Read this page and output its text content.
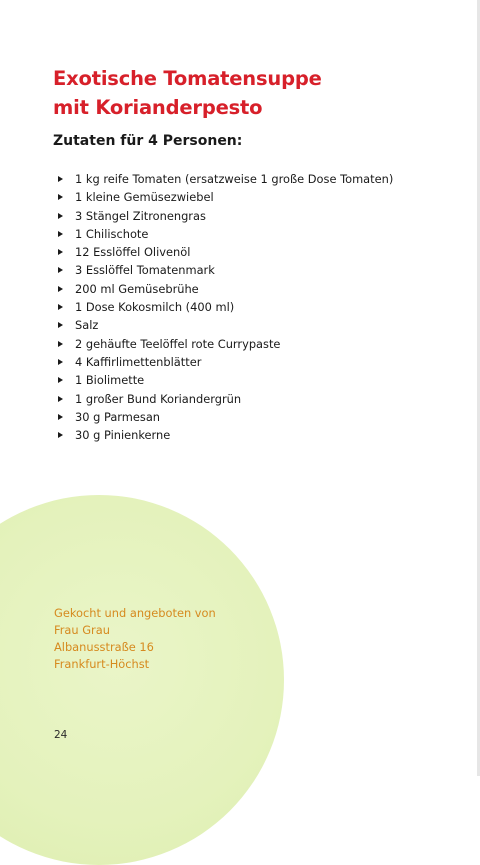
Exotische Tomatensuppe
mit Korianderpesto
Zutaten für 4 Personen:
1 kg reife Tomaten (ersatzweise 1 große Dose Tomaten)
1 kleine Gemüsezwiebel
3 Stängel Zitronengras
1 Chilischote
12 Esslöffel Olivenöl
3 Esslöffel Tomatenmark
200 ml Gemüsebrühe
1 Dose Kokosmilch (400 ml)
Salz
2 gehäufte Teelöffel rote Currypaste
4 Kaffirlimettenblätter
1 Biolimette
1 großer Bund Koriandergrün
30 g Parmesan
30 g Pinienkerne
Gekocht und angeboten von
Frau Grau
Albanusstraße 16
Frankfurt-Höchst
24
